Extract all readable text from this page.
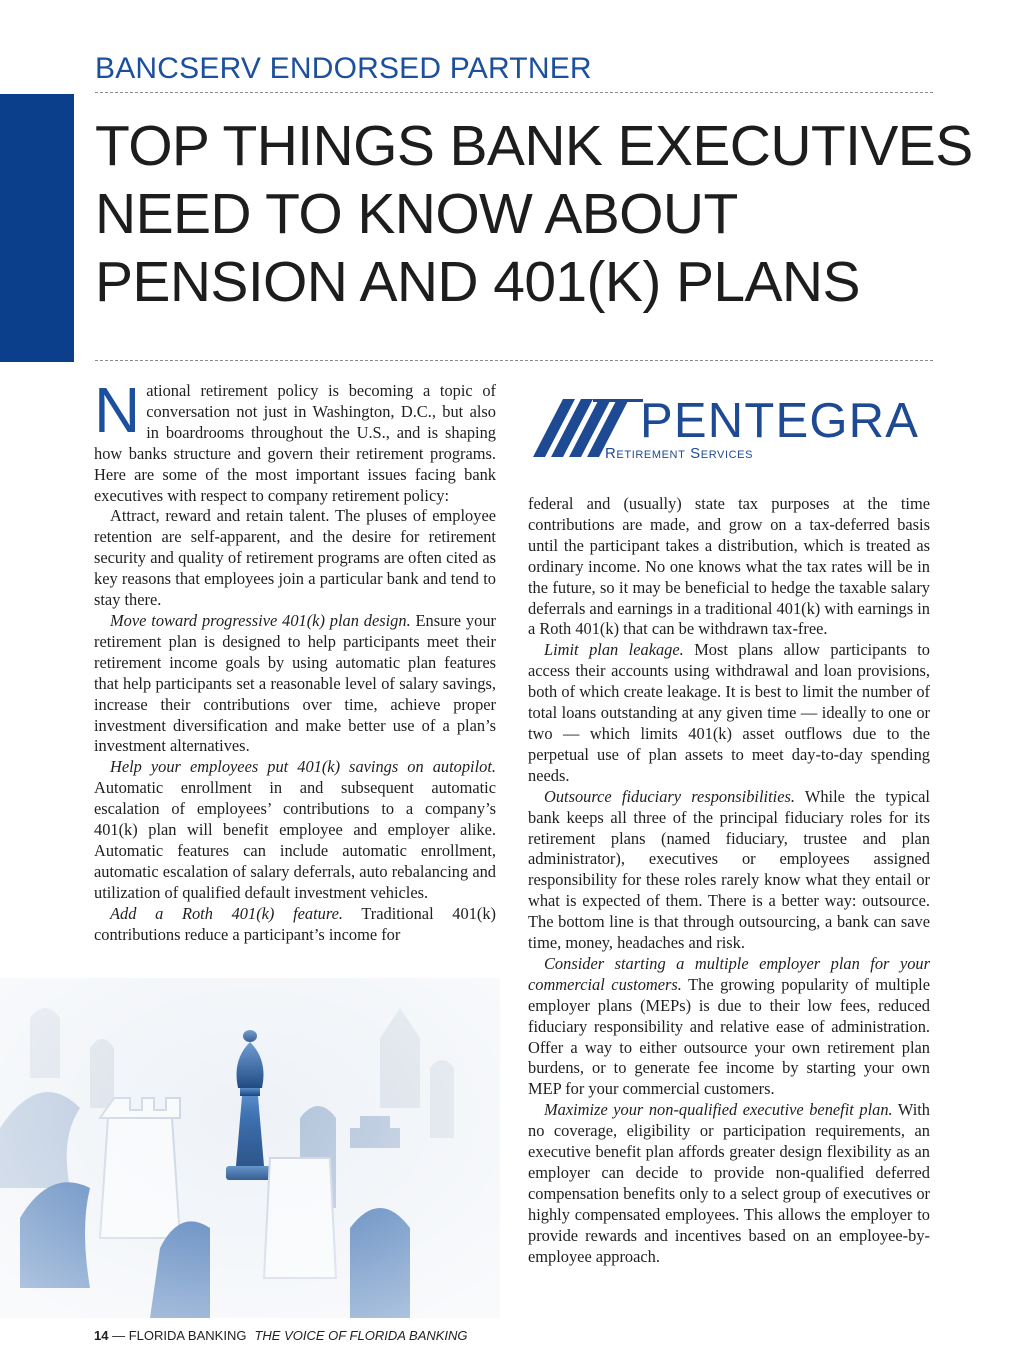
BANCSERV ENDORSED PARTNER
TOP THINGS BANK EXECUTIVES
NEED TO KNOW ABOUT
PENSION AND 401(K) PLANS

National retirement policy is becoming a topic of conversation not just in Washington, D.C., but also in boardrooms throughout the U.S., and is shaping how banks structure and govern their retirement programs. Here are some of the most important issues facing bank executives with respect to company retirement policy:

Attract, reward and retain talent. The pluses of employee retention are self-apparent, and the desire for retirement security and quality of retirement programs are often cited as key reasons that employees join a particular bank and tend to stay there.

Move toward progressive 401(k) plan design. Ensure your retirement plan is designed to help participants meet their retirement income goals by using automatic plan features that help participants set a reasonable level of salary savings, increase their contributions over time, achieve proper investment diversification and make better use of a plan’s investment alternatives.

Help your employees put 401(k) savings on autopilot. Automatic enrollment in and subsequent automatic escalation of employees’ contributions to a company’s 401(k) plan will benefit employee and employer alike. Automatic features can include automatic enrollment, automatic escalation of salary deferrals, auto rebalancing and utilization of qualified default investment vehicles.

Add a Roth 401(k) feature. Traditional 401(k) contributions reduce a participant’s income for

PENTEGRA
Retirement Services

federal and (usually) state tax purposes at the time contributions are made, and grow on a tax-deferred basis until the participant takes a distribution, which is treated as ordinary income. No one knows what the tax rates will be in the future, so it may be beneficial to hedge the taxable salary deferrals and earnings in a traditional 401(k) with earnings in a Roth 401(k) that can be withdrawn tax-free.

Limit plan leakage. Most plans allow participants to access their accounts using withdrawal and loan provisions, both of which create leakage. It is best to limit the number of total loans outstanding at any given time — ideally to one or two — which limits 401(k) asset outflows due to the perpetual use of plan assets to meet day-to-day spending needs.

Outsource fiduciary responsibilities. While the typical bank keeps all three of the principal fiduciary roles for its retirement plans (named fiduciary, trustee and plan administrator), executives or employees assigned responsibility for these roles rarely know what they entail or what is expected of them. There is a better way: outsource. The bottom line is that through outsourcing, a bank can save time, money, headaches and risk.

Consider starting a multiple employer plan for your commercial customers. The growing popularity of multiple employer plans (MEPs) is due to their low fees, reduced fiduciary responsibility and relative ease of administration. Offer a way to either outsource your own retirement plan burdens, or to generate fee income by starting your own MEP for your commercial customers.

Maximize your non-qualified executive benefit plan. With no coverage, eligibility or participation requirements, an executive benefit plan affords greater design flexibility as an employer can decide to provide non-qualified deferred compensation benefits only to a select group of executives or highly compensated employees. This allows the employer to provide rewards and incentives based on an employee-by-employee approach.

14 — FLORIDA BANKING THE VOICE OF FLORIDA BANKING
